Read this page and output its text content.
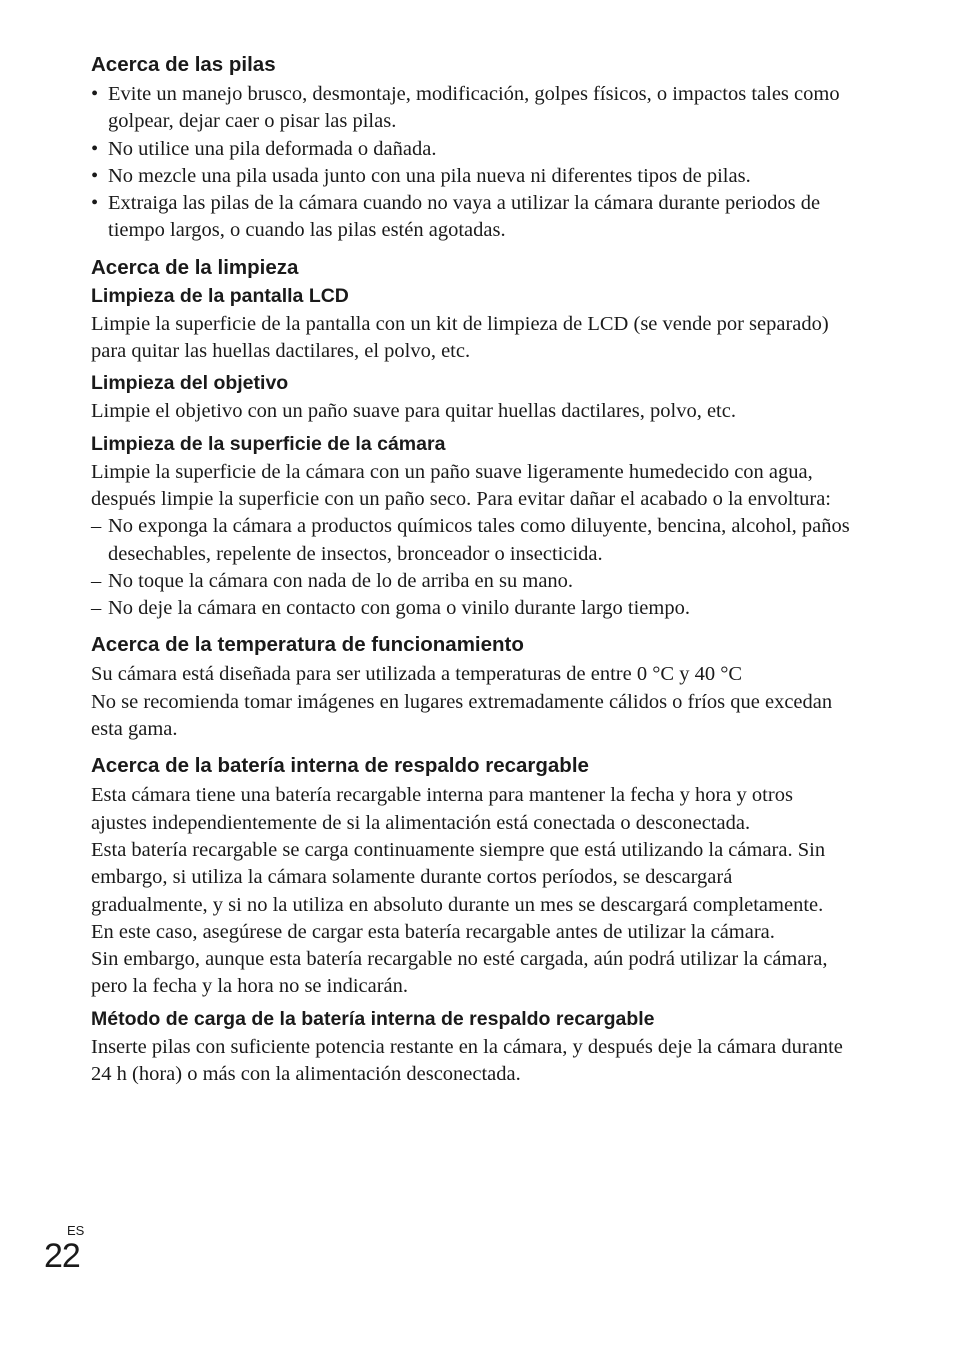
Acerca de las pilas
• Evite un manejo brusco, desmontaje, modificación, golpes físicos, o impactos tales como golpear, dejar caer o pisar las pilas.
• No utilice una pila deformada o dañada.
• No mezcle una pila usada junto con una pila nueva ni diferentes tipos de pilas.
• Extraiga las pilas de la cámara cuando no vaya a utilizar la cámara durante periodos de tiempo largos, o cuando las pilas estén agotadas.
Acerca de la limpieza
Limpieza de la pantalla LCD

Limpie la superficie de la pantalla con un kit de limpieza de LCD (se vende por separado) para quitar las huellas dactilares, el polvo, etc.

Limpieza del objetivo

Limpie el objetivo con un paño suave para quitar huellas dactilares, polvo, etc.

Limpieza de la superficie de la cámara

Limpie la superficie de la cámara con un paño suave ligeramente humedecido con agua, después limpie la superficie con un paño seco. Para evitar dañar el acabado o la envoltura:

– No exponga la cámara a productos químicos tales como diluyente, bencina, alcohol, paños desechables, repelente de insectos, bronceador o insecticida.
– No toque la cámara con nada de lo de arriba en su mano.
– No deje la cámara en contacto con goma o vinilo durante largo tiempo.
Acerca de la temperatura de funcionamiento

Su cámara está diseñada para ser utilizada a temperaturas de entre 0 °C y 40 °C
No se recomienda tomar imágenes en lugares extremadamente cálidos o fríos que excedan esta gama.

Acerca de la batería interna de respaldo recargable

Esta cámara tiene una batería recargable interna para mantener la fecha y hora y otros ajustes independientemente de si la alimentación está conectada o desconectada.

Esta batería recargable se carga continuamente siempre que está utilizando la cámara. Sin embargo, si utiliza la cámara solamente durante cortos períodos, se descargará gradualmente, y si no la utiliza en absoluto durante un mes se descargará completamente. En este caso, asegúrese de cargar esta batería recargable antes de utilizar la cámara.

Sin embargo, aunque esta batería recargable no esté cargada, aún podrá utilizar la cámara, pero la fecha y la hora no se indicarán.

Método de carga de la batería interna de respaldo recargable

Inserte pilas con suficiente potencia restante en la cámara, y después deje la cámara durante 24 h (hora) o más con la alimentación desconectada.

ES
22
